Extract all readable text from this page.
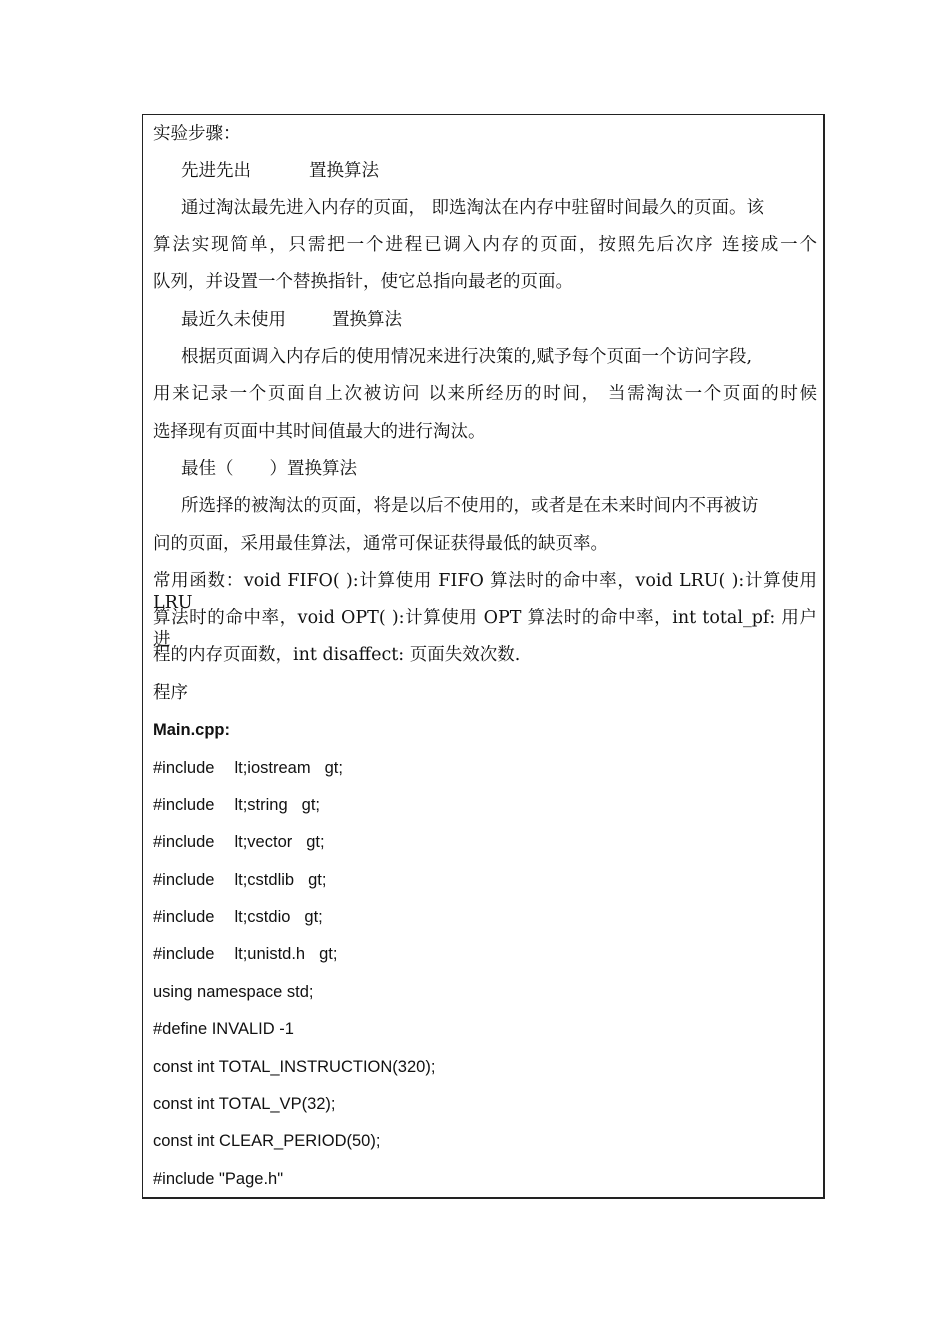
实验步骤：
先进先出	置换算法
通过淘汰最先进入内存的页面， 即选淘汰在内存中驻留时间最久的页面。该
算法实现简单，只需把一个进程已调入内存的页面，按照先后次序 连接成一个
队列，并设置一个替换指针，使它总指向最老的页面。
最近久未使用	置换算法
根据页面调入内存后的使用情况来进行决策的,赋予每个页面一个访问字段,
用来记录一个页面自上次被访问 以来所经历的时间， 当需淘汰一个页面的时候
选择现有页面中其时间值最大的进行淘汰。
最佳（ ）置换算法
所选择的被淘汰的页面，将是以后不使用的，或者是在未来时间内不再被访
问的页面，采用最佳算法，通常可保证获得最低的缺页率。
常用函数：void FIFO( ):计算使用 FIFO 算法时的命中率，void LRU( ):计算使用 LRU
算法时的命中率，void OPT( ):计算使用 OPT 算法时的命中率，int total_pf: 用户进
程的内存页面数，int disaffect: 页面失效次数.
程序
Main.cpp:
#include lt;iostream gt;
#include lt;string gt;
#include lt;vector gt;
#include lt;cstdlib gt;
#include lt;cstdio gt;
#include lt;unistd.h gt;
using namespace std;
#define INVALID -1
const int TOTAL_INSTRUCTION(320);
const int TOTAL_VP(32);
const int CLEAR_PERIOD(50);
#include "Page.h"
